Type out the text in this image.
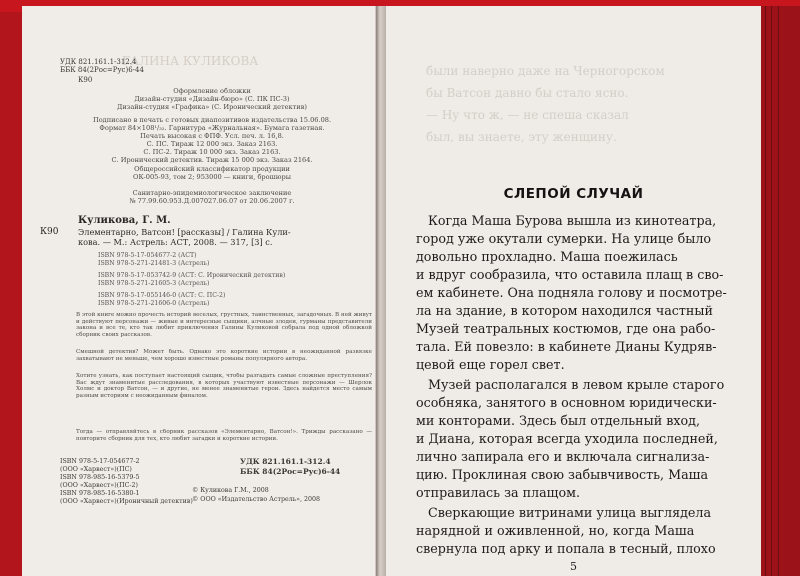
ГАЛИНА КУЛИКОВА
УДК 821.161.1-312.4
ББК 84(2Рос=Рус)6-44
К90
Оформление обложки
Дизайн-студия «Дизайн-бюро» (С. ПК ПС-3)
Дизайн-студия «Графика» (С. Иронический детектив)
Подписано в печать с готовых диапозитивов издательства 15.06.08.
Формат 84×108¹/₃₂. Гарнитура «Журнальная». Бумага газетная.
Печать высокая с ФПФ. Усл. печ. л. 16,8.
С. ПС. Тираж 12 000 экз. Заказ 2163.
С. ПС-2. Тираж 10 000 экз. Заказ 2163.
С. Иронический детектив. Тираж 15 000 экз. Заказ 2164.
Общероссийский классификатор продукции
ОК-005-93, том 2; 953000 — книги, брошюры
Санитарно-эпидемиологическое заключение
№ 77.99.60.953.Д.007027.06.07 от 20.06.2007 г.
Куликова, Г. М.
К90 Элементарно, Ватсон! [рассказы] / Галина Кули-
кова. — М.: Астрель: АСТ, 2008. — 317, [3] с.
ISBN 978-5-17-054677-2 (АСТ)
ISBN 978-5-271-21481-3 (Астрель)
ISBN 978-5-17-053742-9 (АСТ: С. Иронический детектив)
ISBN 978-5-271-21605-3 (Астрель)
ISBN 978-5-17-055146-0 (АСТ: С. ПС-2)
ISBN 978-5-271-21606-0 (Астрель)
В этой книге можно прочесть историй веселых, грустных, таинственных, загадочных. В ней живут и действуют персонажи — живые и интересные сыщики, алчные злодеи, гурманы представители закона и все те, кто так любит приключения Галины Куликовой собрала под одной обложкой сборник своих рассказов.
Смешной детектив? Может быть. Однако это короткие истории в неожиданной развязке захватывают не меньше, чем хорошо известные романы популярного автора.
Хотите узнать, как поступает настоящий сыщик, чтобы разгадать самые сложные преступления? Вас ждут знаменитые расследования, в которых участвуют известные персонажи — Шерлок Холмс и доктор Ватсон, — и другие, не менее знаменитые герои. Здесь найдется место самым разным историям с неожиданным финалом.
Тогда — отправляйтесь в сборник рассказов «Элементарно, Ватсон!». Трижды рассказано — повторите сборник для тех, кто любит загадки и короткие истории.
ISBN 978-5-17-054677-2
(ООО «Харвест»)(ПС)
ISBN 978-985-16-5379-5
(ООО «Харвест»)(ПС-2)
ISBN 978-985-16-5380-1
(ООО «Харвест»)(Ироничный детектив)
УДК 821.161.1-312.4
ББК 84(2Рос=Рус)6-44
© Куликова Г.М., 2008
© ООО «Издательство Астрель», 2008
были наверно даже на Черногорском
бы Ватсон давно бы стало ясно.
— Ну что ж, — не спеша сказал
был, вы знаете, эту женщину.
СЛЕПОЙ СЛУЧАЙ
Когда Маша Бурова вышла из кинотеатра,
город уже окутали сумерки. На улице было
довольно прохладно. Маша поежилась
и вдруг сообразила, что оставила плащ в сво-
ем кабинете. Она подняла голову и посмотре-
ла на здание, в котором находился частный
Музей театральных костюмов, где она рабо-
тала. Ей повезло: в кабинете Дианы Кудряв-
цевой еще горел свет.
Музей располагался в левом крыле старого
особняка, занятого в основном юридически-
ми конторами. Здесь был отдельный вход,
и Диана, которая всегда уходила последней,
лично запирала его и включала сигнализа-
цию. Проклиная свою забывчивость, Маша
отправилась за плащом.
Сверкающие витринами улица выглядела
нарядной и оживленной, но, когда Маша
свернула под арку и попала в тесный, плохо
5
